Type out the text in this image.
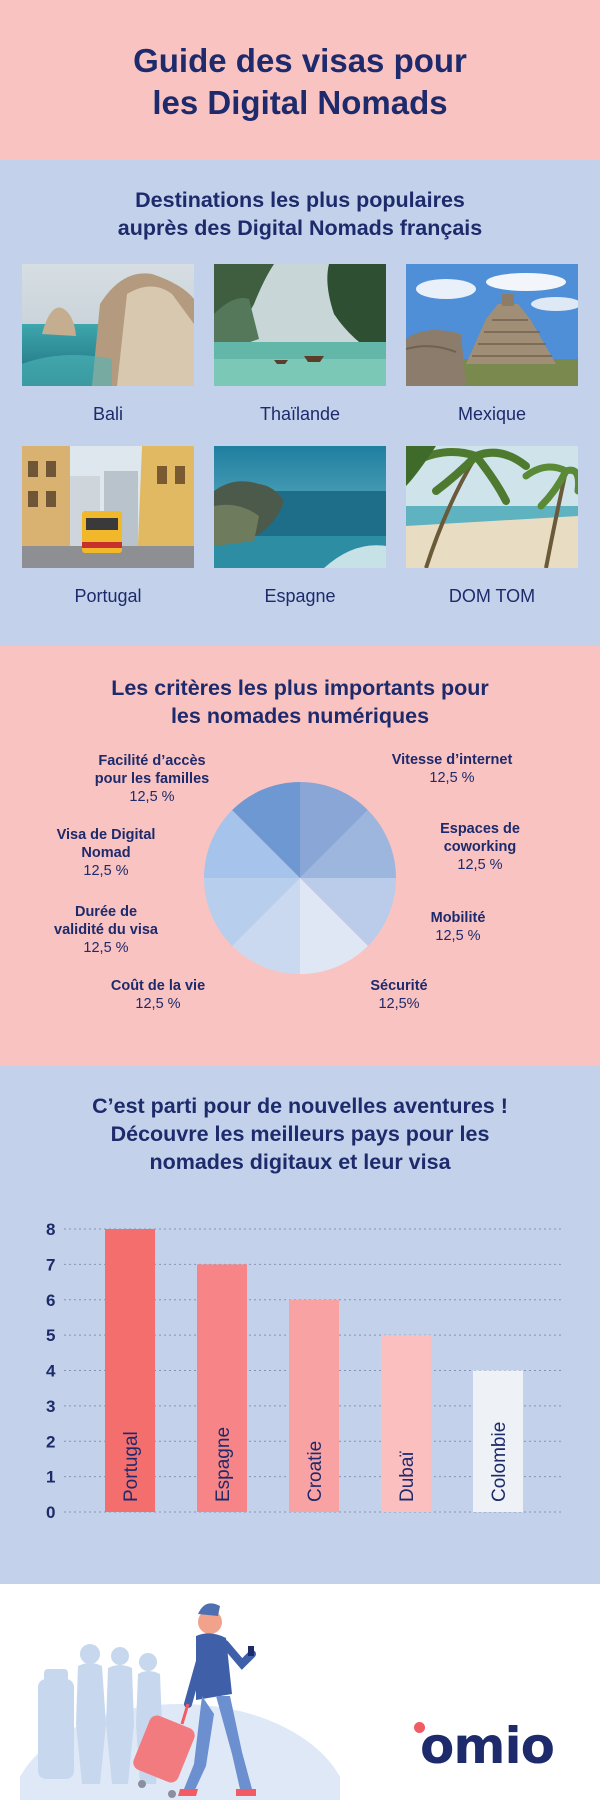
Guide des visas pour
les Digital Nomads
Destinations les plus populaires
auprès des Digital Nomads français
Bali	Thaïlande	Mexique
Portugal	Espagne	DOM TOM
Les critères les plus importants pour
les nomades numériques
Vitesse d’internet
12,5 %
Espaces de
coworking
12,5 %
Mobilité
12,5 %
Sécurité
12,5%
Coût de la vie
12,5 %
Durée de
validité du visa
12,5 %
Visa de Digital
Nomad
12,5 %
Facilité d’accès
pour les familles
12,5 %
C’est parti pour de nouvelles aventures !
Découvre les meilleurs pays pour les
nomades digitaux et leur visa
0
1
2
3
4
5
6
7
8
Portugal	Espagne	Croatie	Dubaï	Colombie
omio
